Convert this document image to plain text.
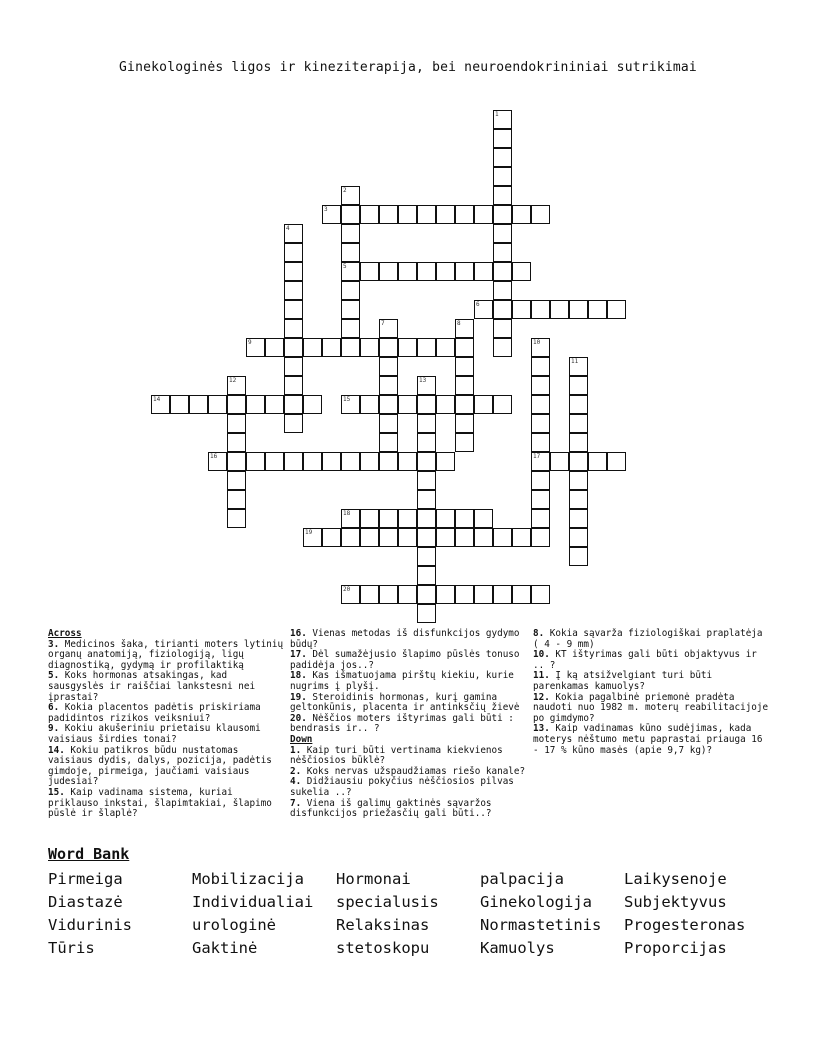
Ginekologinės ligos ir kineziterapija, bei neuroendokrininiai sutrikimai
1
2
5
3
4
6
7	8
9	10
17
11
12	13
14	15
16
18
19
20
Across
3. Medicinos šaka, tirianti moters lytinių organų anatomiją, fiziologiją, ligų diagnostiką, gydymą ir profilaktiką
5. Koks hormonas atsakingas, kad sausgyslės ir raiščiai lankstesni nei įprastai?
6. Kokia placentos padėtis priskiriama padidintos rizikos veiksniui?
9. Kokiu akušeriniu prietaisu klausomi vaisiaus širdies tonai?
14. Kokiu patikros būdu nustatomas vaisiaus dydis, dalys, pozicija, padėtis gimdoje, pirmeiga, jaučiami vaisiaus judesiai?
15. Kaip vadinama sistema, kuriai priklauso inkstai, šlapimtakiai, šlapimo pūslė ir šlaplė?
16. Vienas metodas iš disfunkcijos gydymo būdų?
17. Dėl sumažėjusio šlapimo pūslės tonuso padidėja jos..?
18. Kas išmatuojama pirštų kiekiu, kurie nugrims į plyšį.
19. Steroidinis hormonas, kurį gamina geltonkūnis, placenta ir antinksčių žievė
20. Nėščios moters ištyrimas gali būti : bendrasis ir.. ?
Down
1. Kaip turi būti vertinama kiekvienos nėščiosios būklė?
2. Koks nervas užspaudžiamas riešo kanale?
4. Didžiausiu pokyčius nėščiosios pilvas sukelia ..?
7. Viena iš galimų gaktinės sąvaržos disfunkcijos priežasčių gali būti..?
8. Kokia sąvarža fiziologiškai praplatėja ( 4 - 9 mm)
10. KT ištyrimas gali būti objaktyvus ir .. ?
11. Į ką atsižvelgiant turi būti parenkamas kamuolys?
12. Kokia pagalbinė priemonė pradėta naudoti nuo 1982 m. moterų reabilitacijoje po gimdymo?
13. Kaip vadinamas kūno sudėjimas, kada moterys nėštumo metu paprastai priauga 16 - 17 % kūno masės (apie 9,7 kg)?
Word Bank
Pirmeiga	Mobilizacija	Hormonai	palpacija	Laikysenoje
Diastazė	Individualiai	specialusis	Ginekologija	Subjektyvus
Vidurinis	urologinė	Relaksinas	Normastetinis	Progesteronas
Tūris	Gaktinė	stetoskopu	Kamuolys	Proporcijas
